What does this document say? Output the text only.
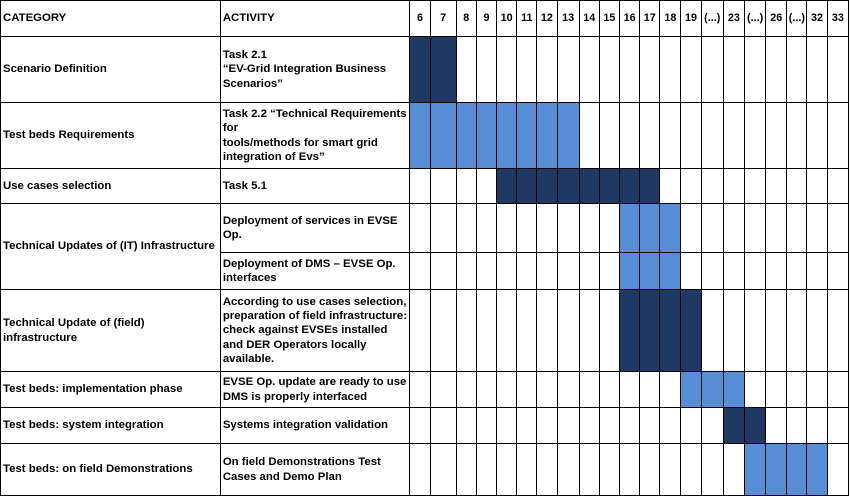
CATEGORY	ACTIVITY	6	7	8	9	10	11	12	13	14	15	16	17	18	19	(...)	23	(...)	26	(...)	32	33
Scenario Definition	Task 2.1
“EV-Grid Integration Business Scenarios”																					
Test beds Requirements	Task 2.2 “Technical Requirements for
tools/methods for smart grid integration of Evs”																					
Use cases selection	Task 5.1																					
Technical Updates of (IT) Infrastructure	Deployment of services in EVSE Op.																					
	Deployment of DMS – EVSE Op. interfaces																					
Technical Update of (field) infrastructure	According to use cases selection, preparation of field infrastructure: check against EVSEs installed and DER Operators locally available.																					
Test beds: implementation phase	EVSE Op. update are ready to use DMS is properly interfaced																					
Test beds: system integration	Systems integration validation																					
Test beds: on field Demonstrations	On field Demonstrations Test Cases and Demo Plan																					
